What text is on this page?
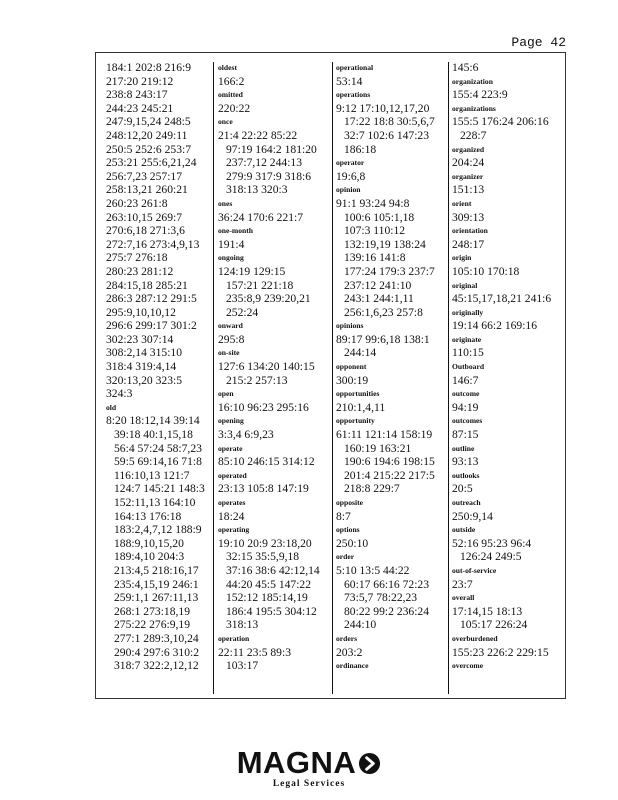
Page 42
184:1 202:8 216:9
217:20 219:12
238:8 243:17
244:23 245:21
247:9,15,24 248:5
248:12,20 249:11
250:5 252:6 253:7
253:21 255:6,21,24
256:7,23 257:17
258:13,21 260:21
260:23 261:8
263:10,15 269:7
270:6,18 271:3,6
272:7,16 273:4,9,13
275:7 276:18
280:23 281:12
284:15,18 285:21
286:3 287:12 291:5
295:9,10,10,12
296:6 299:17 301:2
302:23 307:14
308:2,14 315:10
318:4 319:4,14
320:13,20 323:5
324:3
old
8:20 18:12,14 39:14
39:18 40:1,15,18
56:4 57:24 58:7,23
59:5 69:14,16 71:8
116:10,13 121:7
124:7 145:21 148:3
152:11,13 164:10
164:13 176:18
183:2,4,7,12 188:9
188:9,10,15,20
189:4,10 204:3
213:4,5 218:16,17
235:4,15,19 246:1
259:1,1 267:11,13
268:1 273:18,19
275:22 276:9,19
277:1 289:3,10,24
290:4 297:6 310:2
318:7 322:2,12,12
oldest
166:2
omitted
220:22
once
21:4 22:22 85:22
97:19 164:2 181:20
237:7,12 244:13
279:9 317:9 318:6
318:13 320:3
ones
36:24 170:6 221:7
one-month
191:4
ongoing
124:19 129:15
157:21 221:18
235:8,9 239:20,21
252:24
onward
295:8
on-site
127:6 134:20 140:15
215:2 257:13
open
16:10 96:23 295:16
opening
3:3,4 6:9,23
operate
85:10 246:15 314:12
operated
23:13 105:8 147:19
operates
18:24
operating
19:10 20:9 23:18,20
32:15 35:5,9,18
37:16 38:6 42:12,14
44:20 45:5 147:22
152:12 185:14,19
186:4 195:5 304:12
318:13
operation
22:11 23:5 89:3
103:17
operational
53:14
operations
9:12 17:10,12,17,20
17:22 18:8 30:5,6,7
32:7 102:6 147:23
186:18
operator
19:6,8
opinion
91:1 93:24 94:8
100:6 105:1,18
107:3 110:12
132:19,19 138:24
139:16 141:8
177:24 179:3 237:7
237:12 241:10
243:1 244:1,11
256:1,6,23 257:8
opinions
89:17 99:6,18 138:1
244:14
opponent
300:19
opportunities
210:1,4,11
opportunity
61:11 121:14 158:19
160:19 163:21
190:6 194:6 198:15
201:4 215:22 217:5
218:8 229:7
opposite
8:7
options
250:10
order
5:10 13:5 44:22
60:17 66:16 72:23
73:5,7 78:22,23
80:22 99:2 236:24
244:10
orders
203:2
ordinance
145:6
organization
155:4 223:9
organizations
155:5 176:24 206:16
228:7
organized
204:24
organizer
151:13
orient
309:13
orientation
248:17
origin
105:10 170:18
original
45:15,17,18,21 241:6
originally
19:14 66:2 169:16
originate
110:15
Outboard
146:7
outcome
94:19
outcomes
87:15
outline
93:13
outlooks
20:5
outreach
250:9,14
outside
52:16 95:23 96:4
126:24 249:5
out-of-service
23:7
overall
17:14,15 18:13
105:17 226:24
overburdened
155:23 226:2 229:15
overcome
MAGNA
Legal Services
